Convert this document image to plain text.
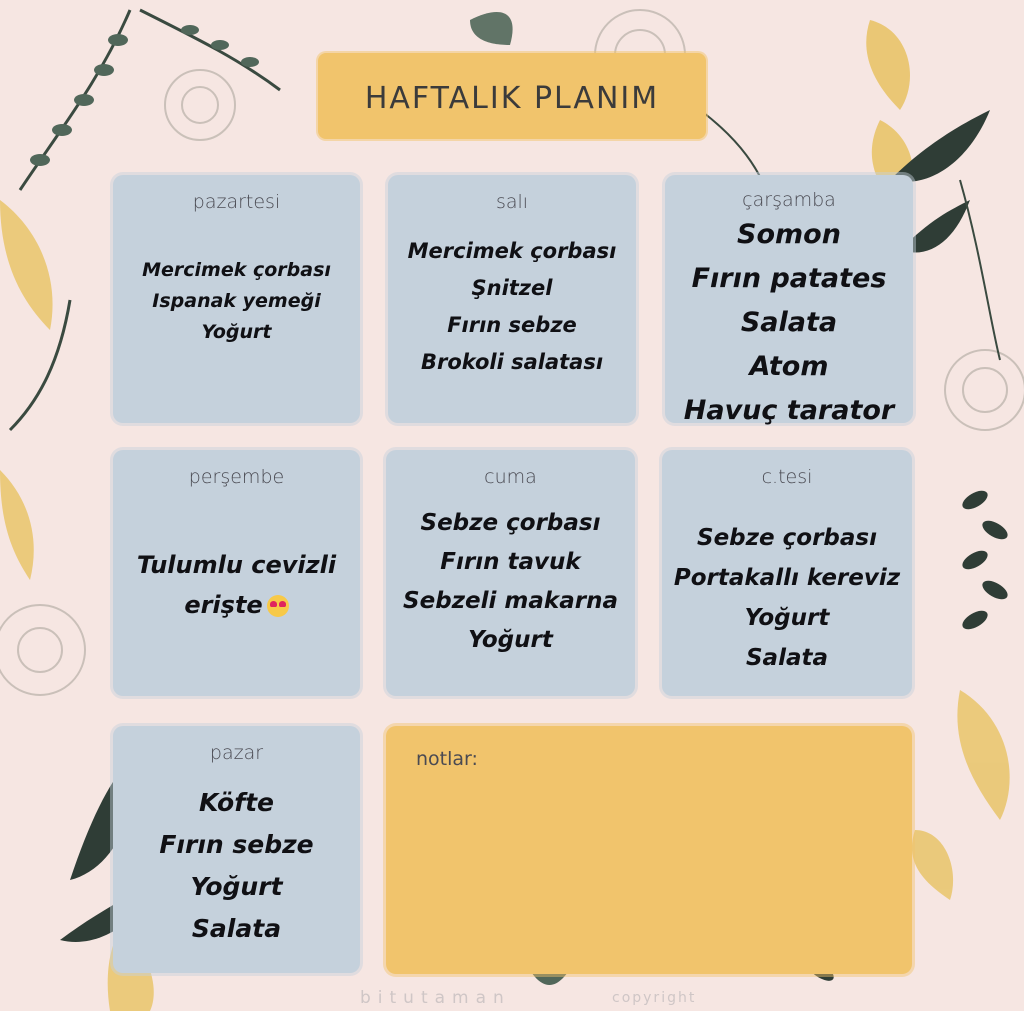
HAFTALIK PLANIM
pazartesi
Mercimek çorbası
Ispanak yemeği
Yoğurt
salı
Mercimek çorbası
Şnitzel
Fırın sebze
Brokoli salatası
çarşamba
Somon
Fırın patates
Salata
Atom
Havuç tarator
perşembe
Tulumlu cevizli
erişte
cuma
Sebze çorbası
Fırın tavuk
Sebzeli makarna
Yoğurt
c.tesi
Sebze çorbası
Portakallı kereviz
Yoğurt
Salata
pazar
Köfte
Fırın sebze
Yoğurt
Salata
notlar:
bitutaman	copyright
